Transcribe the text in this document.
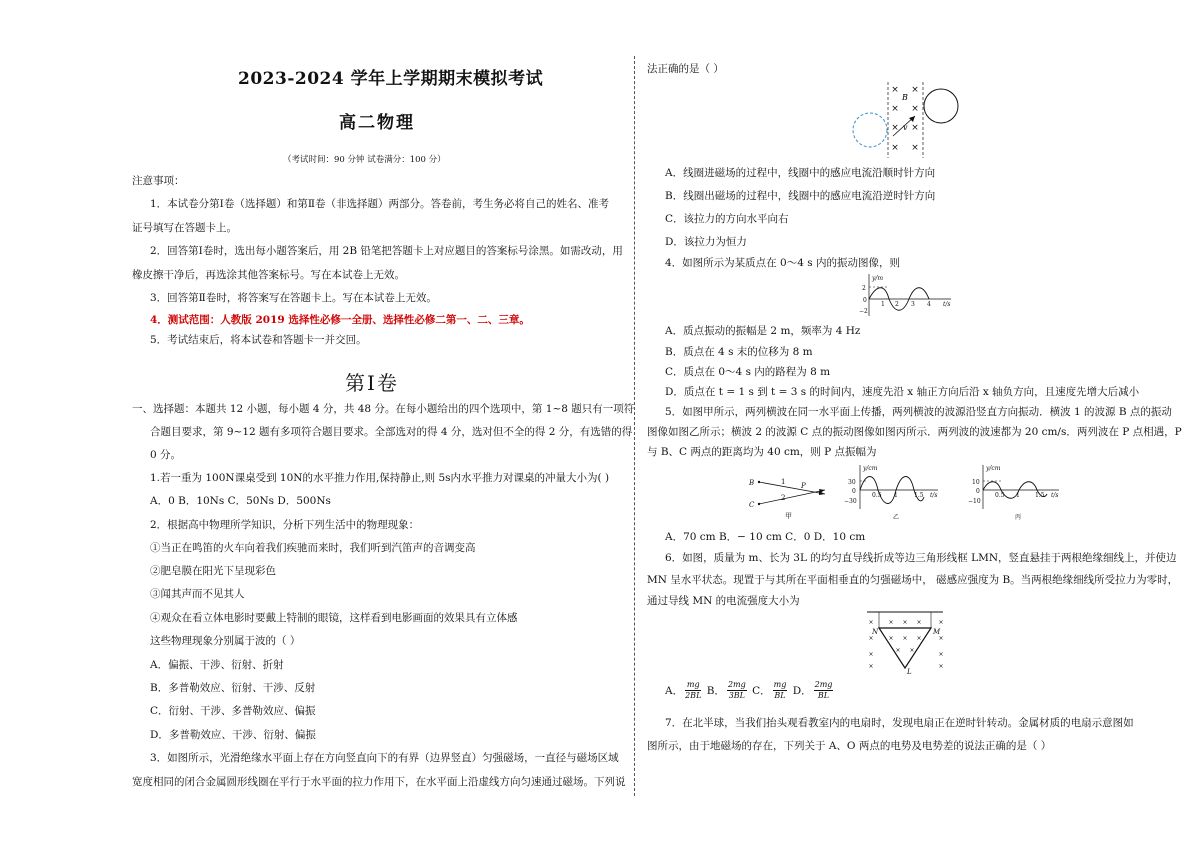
2023-2024 学年上学期期末模拟考试
高二物理
（考试时间：90 分钟 试卷满分：100 分）
注意事项：
1．本试卷分第Ⅰ卷（选择题）和第Ⅱ卷（非选择题）两部分。答卷前，考生务必将自己的姓名、准考
证号填写在答题卡上。
2．回答第Ⅰ卷时，选出每小题答案后，用 2B 铅笔把答题卡上对应题目的答案标号涂黑。如需改动，用
橡皮擦干净后，再选涂其他答案标号。写在本试卷上无效。
3．回答第Ⅱ卷时，将答案写在答题卡上。写在本试卷上无效。
4．测试范围：人教版 2019 选择性必修一全册、选择性必修二第一、二、三章。
5．考试结束后，将本试卷和答题卡一并交回。
第Ⅰ卷
一、选择题：本题共 12 小题，每小题 4 分，共 48 分。在每小题给出的四个选项中，第 1~8 题只有一项符
合题目要求，第 9~12 题有多项符合题目要求。全部选对的得 4 分，选对但不全的得 2 分，有选错的得
0 分。
1.若一重为 100N课桌受到 10N的水平推力作用,保持静止,则 5s内水平推力对课桌的冲量大小为( )
A．0 B．10Ns C．50Ns D．500Ns
2．根据高中物理所学知识，分析下列生活中的物理现象：
①当正在鸣笛的火车向着我们疾驰而来时，我们听到汽笛声的音调变高
②肥皂膜在阳光下呈现彩色
③闻其声而不见其人
④观众在看立体电影时要戴上特制的眼镜，这样看到电影画面的效果具有立体感
这些物理现象分别属于波的（ ）
A．偏振、干涉、衍射、折射
B．多普勒效应、衍射、干涉、反射
C．衍射、干涉、多普勒效应、偏振
D．多普勒效应、干涉、衍射、偏振
3．如图所示，光滑绝缘水平面上存在方向竖直向下的有界（边界竖直）匀强磁场，一直径与磁场区域
宽度相同的闭合金属圆形线圈在平行于水平面的拉力作用下，在水平面上沿虚线方向匀速通过磁场。下列说
法正确的是（ ）
× ×
× ×
× ×
× ×
B
v
A．线圈进磁场的过程中，线圈中的感应电流沿顺时针方向
B．线圈出磁场的过程中，线圈中的感应电流沿逆时针方向
C．该拉力的方向水平向右
D．该拉力为恒力
4．如图所示为某质点在 0～4 s 内的振动图像，则
y/m
t/s
2
0
−2
1 2 3 4
A．质点振动的振幅是 2 m，频率为 4 Hz
B．质点在 4 s 末的位移为 8 m
C．质点在 0～4 s 内的路程为 8 m
D．质点在 t = 1 s 到 t = 3 s 的时间内，速度先沿 x 轴正方向后沿 x 轴负方向，且速度先增大后减小
5．如图甲所示，两列横波在同一水平面上传播，两列横波的波源沿竖直方向振动．横波 1 的波源 B 点的振动
图像如图乙所示；横波 2 的波源 C 点的振动图像如图丙所示．两列波的波速都为 20 cm/s．两列波在 P 点相遇，P
与 B、C 两点的距离均为 40 cm，则 P 点振幅为
B
C
P
1
2
甲
y/cm
t/s
30
0
−30
0.5 1	1.5
乙
y/cm
t/s
10
0
−10
0.5 1	1.5
丙
A．70 cm B．− 10 cm C．0 D．10 cm
6．如图，质量为 m、长为 3L 的均匀直导线折成等边三角形线框 LMN，竖直悬挂于两根绝缘细线上，并使边
MN 呈水平状态。现置于与其所在平面相垂直的匀强磁场中， 磁感应强度为 B。当两根绝缘细线所受拉力为零时，
通过导线 MN 的电流强度大小为
× × × ×	×
× × × ×	×
×
× ×
×
×	×
N	M
L
A． $\frac{mg}{2BL}$ B． $\frac{2mg}{3BL}$ C． $\frac{mg}{BL}$ D． $\frac{2mg}{BL}$
7．在北半球，当我们抬头观看教室内的电扇时，发现电扇正在逆时针转动。金属材质的电扇示意图如
图所示，由于地磁场的存在，下列关于 A、O 两点的电势及电势差的说法正确的是（ ）
